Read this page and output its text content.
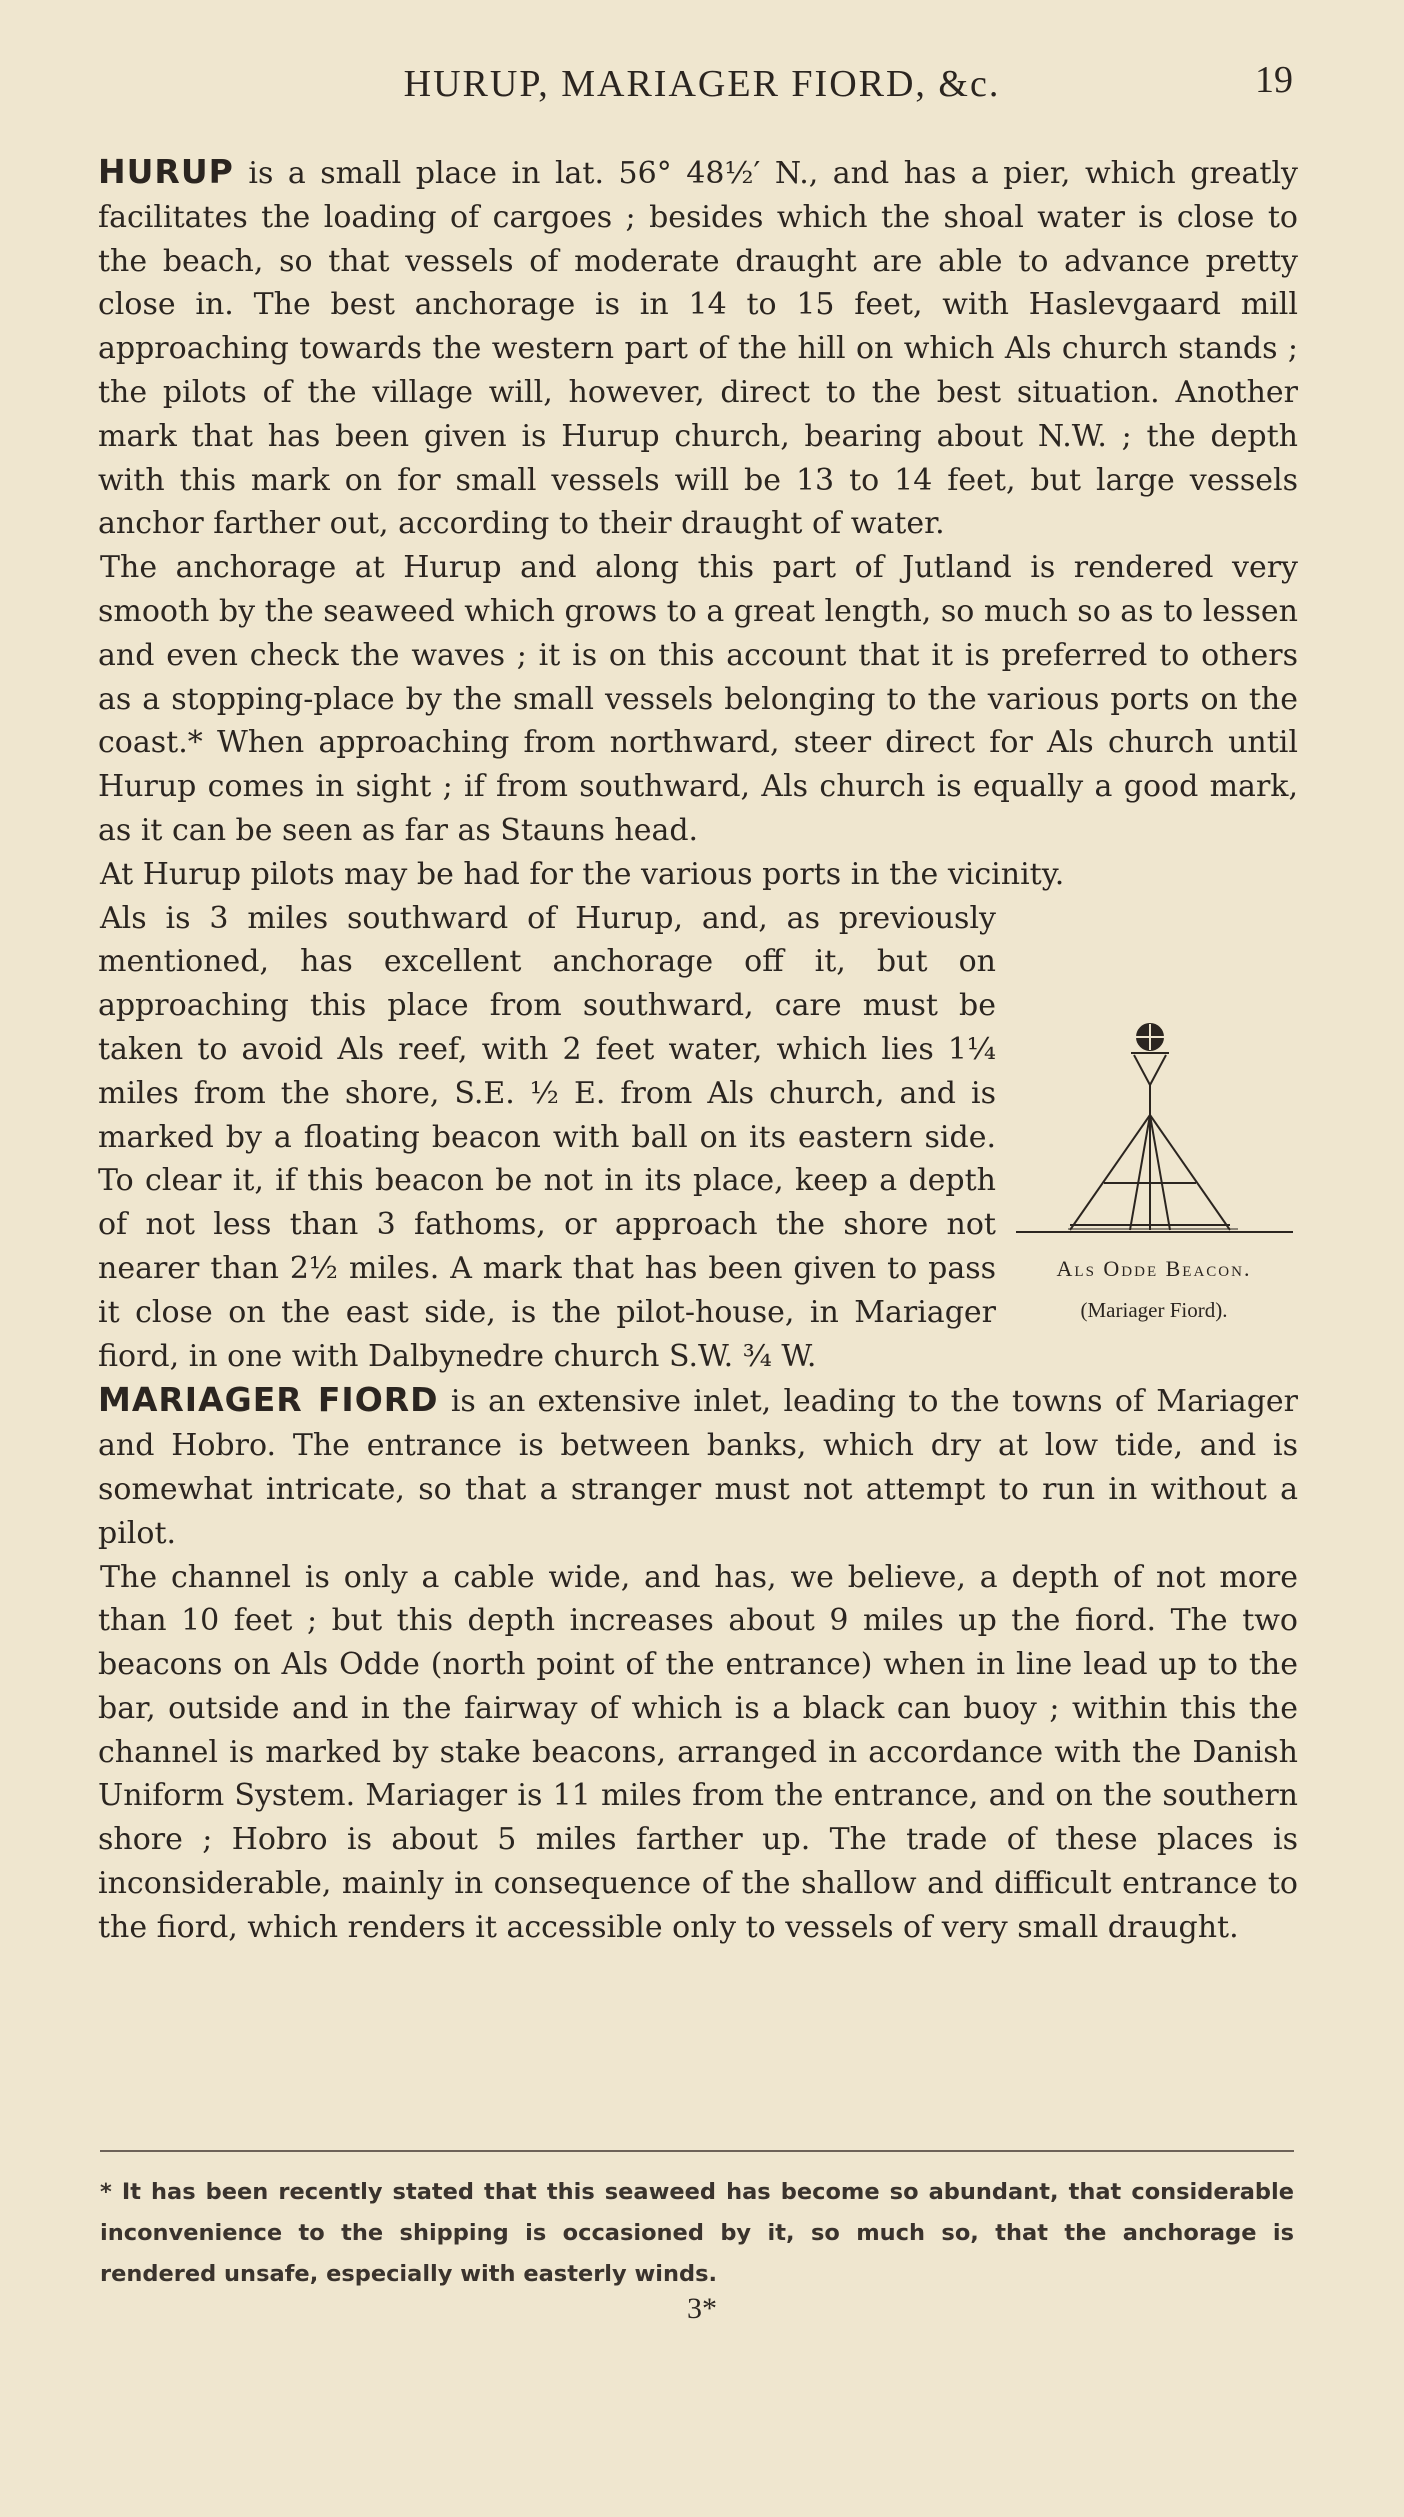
HURUP, MARIAGER FIORD, &c.	19

HURUP is a small place in lat. 56° 48½′ N., and has a pier, which greatly facilitates the loading of cargoes ; besides which the shoal water is close to the beach, so that vessels of moderate draught are able to advance pretty close in. The best anchorage is in 14 to 15 feet, with Haslevgaard mill approaching towards the western part of the hill on which Als church stands ; the pilots of the village will, however, direct to the best situation. Another mark that has been given is Hurup church, bearing about N.W. ; the depth with this mark on for small vessels will be 13 to 14 feet, but large vessels anchor farther out, according to their draught of water.

The anchorage at Hurup and along this part of Jutland is rendered very smooth by the seaweed which grows to a great length, so much so as to lessen and even check the waves ; it is on this account that it is preferred to others as a stopping-place by the small vessels belonging to the various ports on the coast.* When approaching from northward, steer direct for Als church until Hurup comes in sight ; if from southward, Als church is equally a good mark, as it can be seen as far as Stauns head.

At Hurup pilots may be had for the various ports in the vicinity.

Als Odde Beacon.
(Mariager Fiord).
Als is 3 miles southward of Hurup, and, as previously mentioned, has excellent anchorage off it, but on approaching this place from southward, care must be taken to avoid Als reef, with 2 feet water, which lies 1¼ miles from the shore, S.E. ½ E. from Als church, and is marked by a floating beacon with ball on its eastern side. To clear it, if this beacon be not in its place, keep a depth of not less than 3 fathoms, or approach the shore not nearer than 2½ miles. A mark that has been given to pass it close on the east side, is the pilot-house, in Mariager fiord, in one with Dalbynedre church S.W. ¾ W.

MARIAGER FIORD is an extensive inlet, leading to the towns of Mariager and Hobro. The entrance is between banks, which dry at low tide, and is somewhat intricate, so that a stranger must not attempt to run in without a pilot.

The channel is only a cable wide, and has, we believe, a depth of not more than 10 feet ; but this depth increases about 9 miles up the fiord. The two beacons on Als Odde (north point of the entrance) when in line lead up to the bar, outside and in the fairway of which is a black can buoy ; within this the channel is marked by stake beacons, arranged in accordance with the Danish Uniform System. Mariager is 11 miles from the entrance, and on the southern shore ; Hobro is about 5 miles farther up. The trade of these places is inconsiderable, mainly in consequence of the shallow and difficult entrance to the fiord, which renders it accessible only to vessels of very small draught.

* It has been recently stated that this seaweed has become so abundant, that considerable inconvenience to the shipping is occasioned by it, so much so, that the anchorage is rendered unsafe, especially with easterly winds.
3*
